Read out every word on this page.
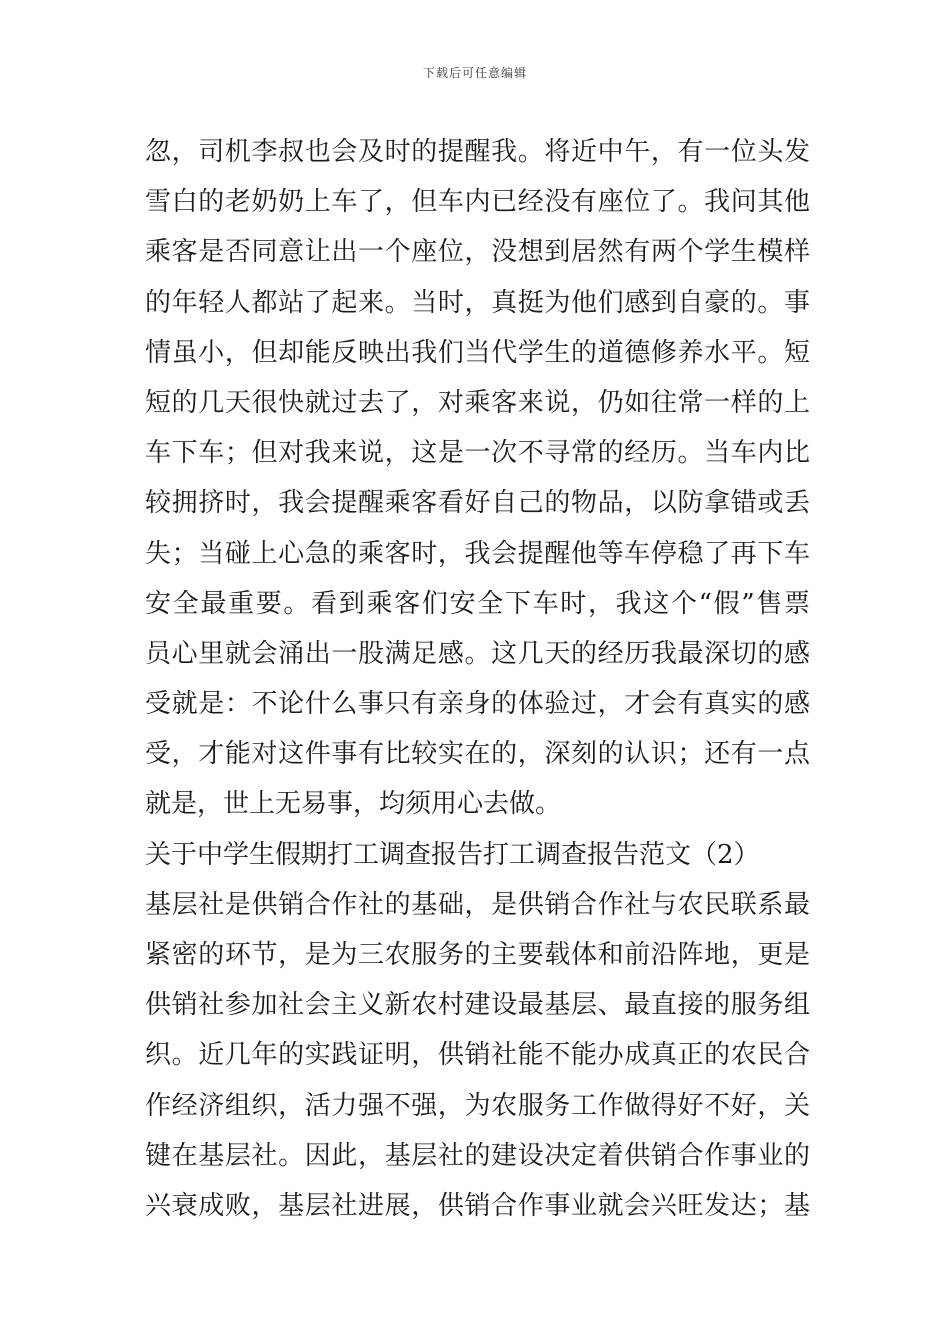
下载后可任意编辑
忽，司机李叔也会及时的提醒我。将近中午，有一位头发
雪白的老奶奶上车了，但车内已经没有座位了。我问其他
乘客是否同意让出一个座位，没想到居然有两个学生模样
的年轻人都站了起来。当时，真挺为他们感到自豪的。事
情虽小，但却能反映出我们当代学生的道德修养水平。短
短的几天很快就过去了，对乘客来说，仍如往常一样的上
车下车；但对我来说，这是一次不寻常的经历。当车内比
较拥挤时，我会提醒乘客看好自己的物品，以防拿错或丢
失；当碰上心急的乘客时，我会提醒他等车停稳了再下车
安全最重要。看到乘客们安全下车时，我这个“假”售票
员心里就会涌出一股满足感。这几天的经历我最深切的感
受就是：不论什么事只有亲身的体验过，才会有真实的感
受，才能对这件事有比较实在的，深刻的认识；还有一点
就是，世上无易事，均须用心去做。
关于中学生假期打工调查报告打工调查报告范文（2）
基层社是供销合作社的基础，是供销合作社与农民联系最
紧密的环节，是为三农服务的主要载体和前沿阵地，更是
供销社参加社会主义新农村建设最基层、最直接的服务组
织。近几年的实践证明，供销社能不能办成真正的农民合
作经济组织，活力强不强，为农服务工作做得好不好，关
键在基层社。因此，基层社的建设决定着供销合作事业的
兴衰成败，基层社进展，供销合作事业就会兴旺发达；基
